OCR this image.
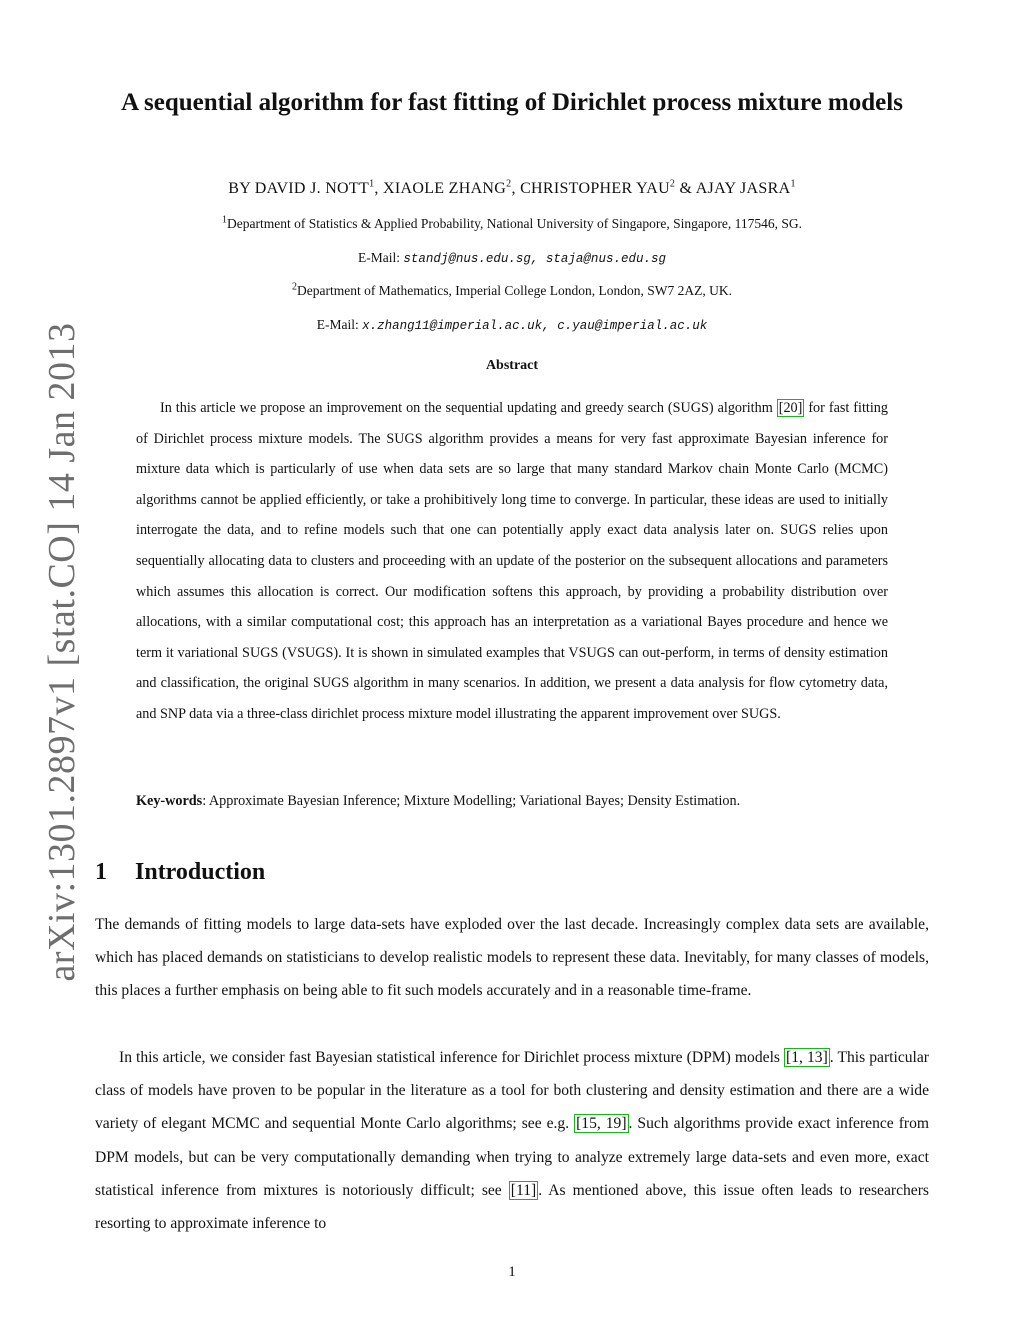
arXiv:1301.2897v1 [stat.CO] 14 Jan 2013
A sequential algorithm for fast fitting of Dirichlet process mixture models
BY DAVID J. NOTT$^1$, XIAOLE ZHANG$^2$, CHRISTOPHER YAU$^2$ & AJAY JASRA$^1$
$^1$Department of Statistics & Applied Probability, National University of Singapore, Singapore, 117546, SG.
E-Mail: standj@nus.edu.sg, staja@nus.edu.sg
$^2$Department of Mathematics, Imperial College London, London, SW7 2AZ, UK.
E-Mail: x.zhang11@imperial.ac.uk, c.yau@imperial.ac.uk
Abstract

In this article we propose an improvement on the sequential updating and greedy search (SUGS) algorithm [20] for fast fitting of Dirichlet process mixture models. The SUGS algorithm provides a means for very fast approximate Bayesian inference for mixture data which is particularly of use when data sets are so large that many standard Markov chain Monte Carlo (MCMC) algorithms cannot be applied efficiently, or take a prohibitively long time to converge. In particular, these ideas are used to initially interrogate the data, and to refine models such that one can potentially apply exact data analysis later on. SUGS relies upon sequentially allocating data to clusters and proceeding with an update of the posterior on the subsequent allocations and parameters which assumes this allocation is correct. Our modification softens this approach, by providing a probability distribution over allocations, with a similar computational cost; this approach has an interpretation as a variational Bayes procedure and hence we term it variational SUGS (VSUGS). It is shown in simulated examples that VSUGS can out-perform, in terms of density estimation and classification, the original SUGS algorithm in many scenarios. In addition, we present a data analysis for flow cytometry data, and SNP data via a three-class dirichlet process mixture model illustrating the apparent improvement over SUGS.

Key-words: Approximate Bayesian Inference; Mixture Modelling; Variational Bayes; Density Estimation.

1 Introduction

The demands of fitting models to large data-sets have exploded over the last decade. Increasingly complex data sets are available, which has placed demands on statisticians to develop realistic models to represent these data. Inevitably, for many classes of models, this places a further emphasis on being able to fit such models accurately and in a reasonable time-frame.

In this article, we consider fast Bayesian statistical inference for Dirichlet process mixture (DPM) models [1, 13] . This particular class of models have proven to be popular in the literature as a tool for both clustering and density estimation and there are a wide variety of elegant MCMC and sequential Monte Carlo algorithms; see e.g. [15, 19] . Such algorithms provide exact inference from DPM models, but can be very computationally demanding when trying to analyze extremely large data-sets and even more, exact statistical inference from mixtures is notoriously difficult; see [11] . As mentioned above, this issue often leads to researchers resorting to approximate inference to

1
